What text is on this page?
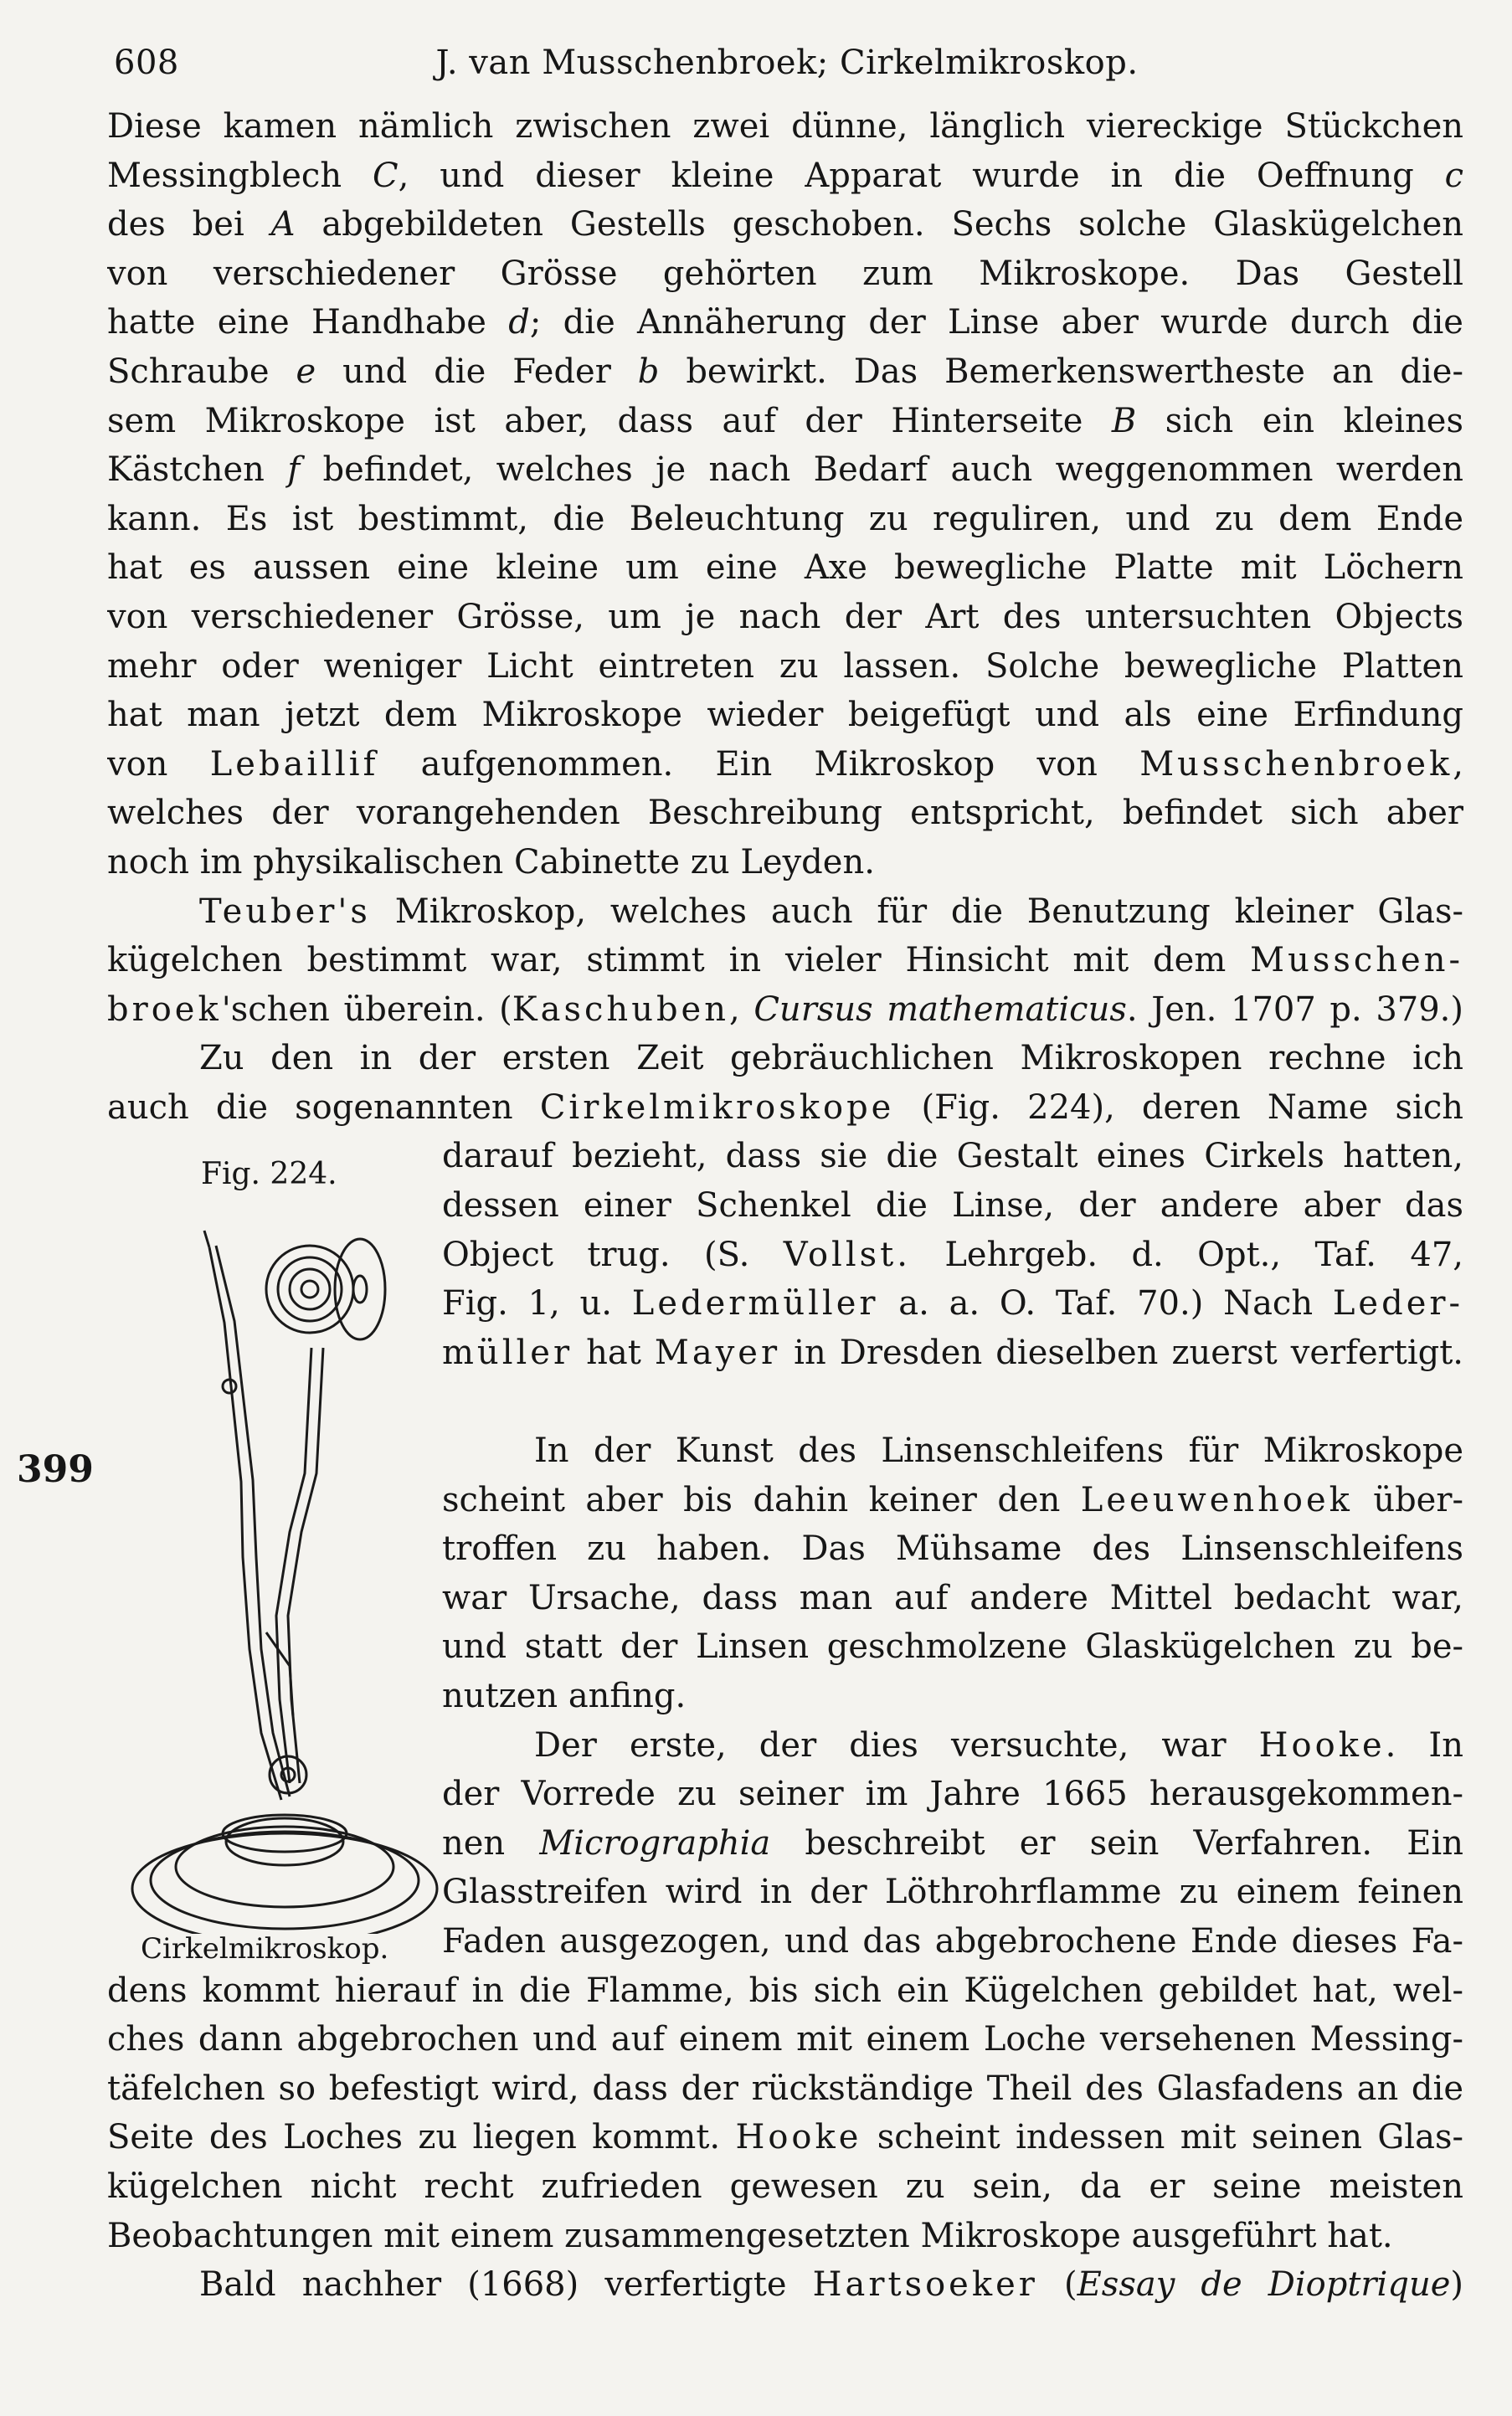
608	J. van Musschenbroek; Cirkelmikroskop.
399
Fig. 224.
Cirkelmikroskop.
Diese kamen nämlich zwischen zwei dünne, länglich viereckige Stückchen
Messingblech C, und dieser kleine Apparat wurde in die Oeffnung c
des bei A abgebildeten Gestells geschoben. Sechs solche Glaskügelchen
von verschiedener Grösse gehörten zum Mikroskope. Das Gestell
hatte eine Handhabe d; die Annäherung der Linse aber wurde durch die
Schraube e und die Feder b bewirkt. Das Bemerkenswertheste an die-
sem Mikroskope ist aber, dass auf der Hinterseite B sich ein kleines
Kästchen f befindet, welches je nach Bedarf auch weggenommen werden
kann. Es ist bestimmt, die Beleuchtung zu reguliren, und zu dem Ende
hat es aussen eine kleine um eine Axe bewegliche Platte mit Löchern
von verschiedener Grösse, um je nach der Art des untersuchten Objects
mehr oder weniger Licht eintreten zu lassen. Solche bewegliche Platten
hat man jetzt dem Mikroskope wieder beigefügt und als eine Erfindung
von Lebaillif aufgenommen. Ein Mikroskop von Musschenbroek,
welches der vorangehenden Beschreibung entspricht, befindet sich aber
noch im physikalischen Cabinette zu Leyden.
Teuber's Mikroskop, welches auch für die Benutzung kleiner Glas-
kügelchen bestimmt war, stimmt in vieler Hinsicht mit dem Musschen-
broek'schen überein. (Kaschuben, Cursus mathematicus. Jen. 1707 p. 379.)
Zu den in der ersten Zeit gebräuchlichen Mikroskopen rechne ich
auch die sogenannten Cirkelmikroskope (Fig. 224), deren Name sich
darauf bezieht, dass sie die Gestalt eines Cirkels hatten,
dessen einer Schenkel die Linse, der andere aber das
Object trug. (S. Vollst. Lehrgeb. d. Opt., Taf. 47,
Fig. 1, u. Ledermüller a. a. O. Taf. 70.) Nach Leder-
müller hat Mayer in Dresden dieselben zuerst verfertigt.
In der Kunst des Linsenschleifens für Mikroskope
scheint aber bis dahin keiner den Leeuwenhoek über-
troffen zu haben. Das Mühsame des Linsenschleifens
war Ursache, dass man auf andere Mittel bedacht war,
und statt der Linsen geschmolzene Glaskügelchen zu be-
nutzen anfing.
Der erste, der dies versuchte, war Hooke. In
der Vorrede zu seiner im Jahre 1665 herausgekommen-
nen Micrographia beschreibt er sein Verfahren. Ein
Glasstreifen wird in der Löthrohrflamme zu einem feinen
Faden ausgezogen, und das abgebrochene Ende dieses Fa-
dens kommt hierauf in die Flamme, bis sich ein Kügelchen gebildet hat, wel-
ches dann abgebrochen und auf einem mit einem Loche versehenen Messing-
täfelchen so befestigt wird, dass der rückständige Theil des Glasfadens an die
Seite des Loches zu liegen kommt. Hooke scheint indessen mit seinen Glas-
kügelchen nicht recht zufrieden gewesen zu sein, da er seine meisten
Beobachtungen mit einem zusammengesetzten Mikroskope ausgeführt hat.
Bald nachher (1668) verfertigte Hartsoeker (Essay de Dioptrique)
